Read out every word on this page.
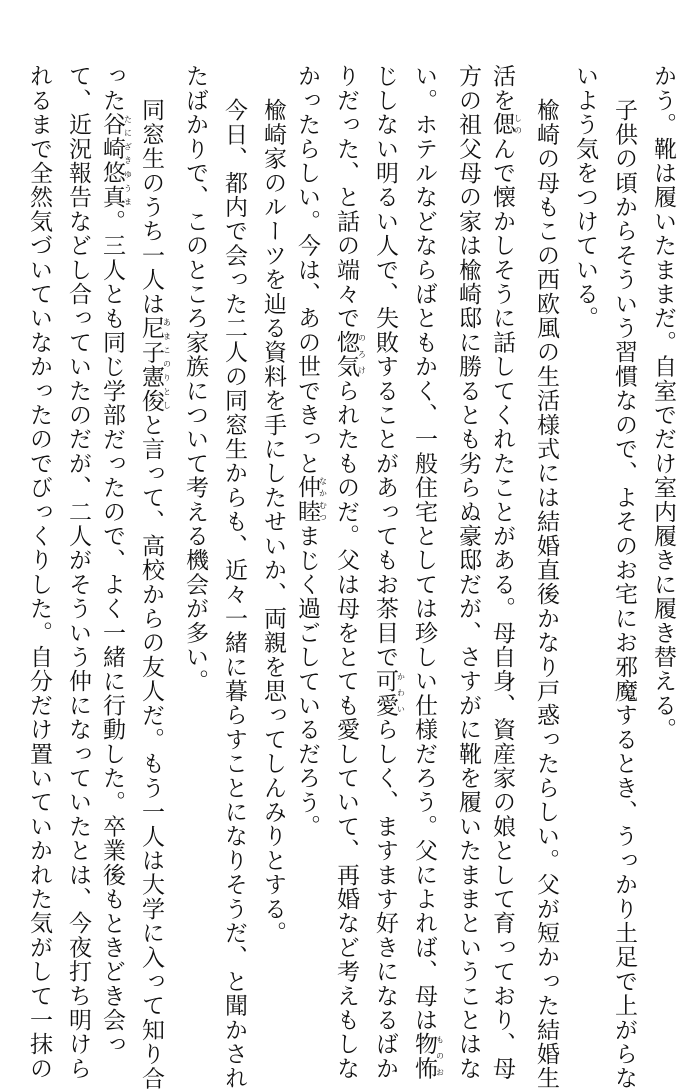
かう。靴は履いたままだ。自室でだけ室内履きに履き替える。
子供の頃からそういう習慣なので、よそのお宅にお邪魔するとき、うっかり土足で上がらな
いよう気をつけている。
楡崎の母もこの西欧風の生活様式には結婚直後かなり戸惑ったらしい。父が短かった結婚生
活を偲しのんで懐かしそうに話してくれたことがある。母自身、資産家の娘として育っており、母
方の祖父母の家は楡崎邸に勝るとも劣らぬ豪邸だが、さすがに靴を履いたままということはな
い。ホテルなどならばともかく、一般住宅としては珍しい仕様だろう。父によれば、母は物怖ものお
じしない明るい人で、失敗することがあってもお茶目で可愛かわいらしく、ますます好きになるばか
りだった、と話の端々で惚気のろけられたものだ。父は母をとても愛していて、再婚など考えもしな
かったらしい。今は、あの世できっと仲睦なかむつまじく過ごしているだろう。
楡崎家のルーツを辿る資料を手にしたせいか、両親を思ってしんみりとする。
今日、都内で会った二人の同窓生からも、近々一緒に暮らすことになりそうだ、と聞かされ
たばかりで、このところ家族について考える機会が多い。
同窓生のうち一人は尼子憲俊あまこのりとしと言って、高校からの友人だ。もう一人は大学に入って知り合
った谷崎悠真たにざきゆうま。三人とも同じ学部だったので、よく一緒に行動した。卒業後もときどき会っ
て、近況報告などし合っていたのだが、二人がそういう仲になっていたとは、今夜打ち明けら
れるまで全然気づいていなかったのでびっくりした。自分だけ置いていかれた気がして一抹の
